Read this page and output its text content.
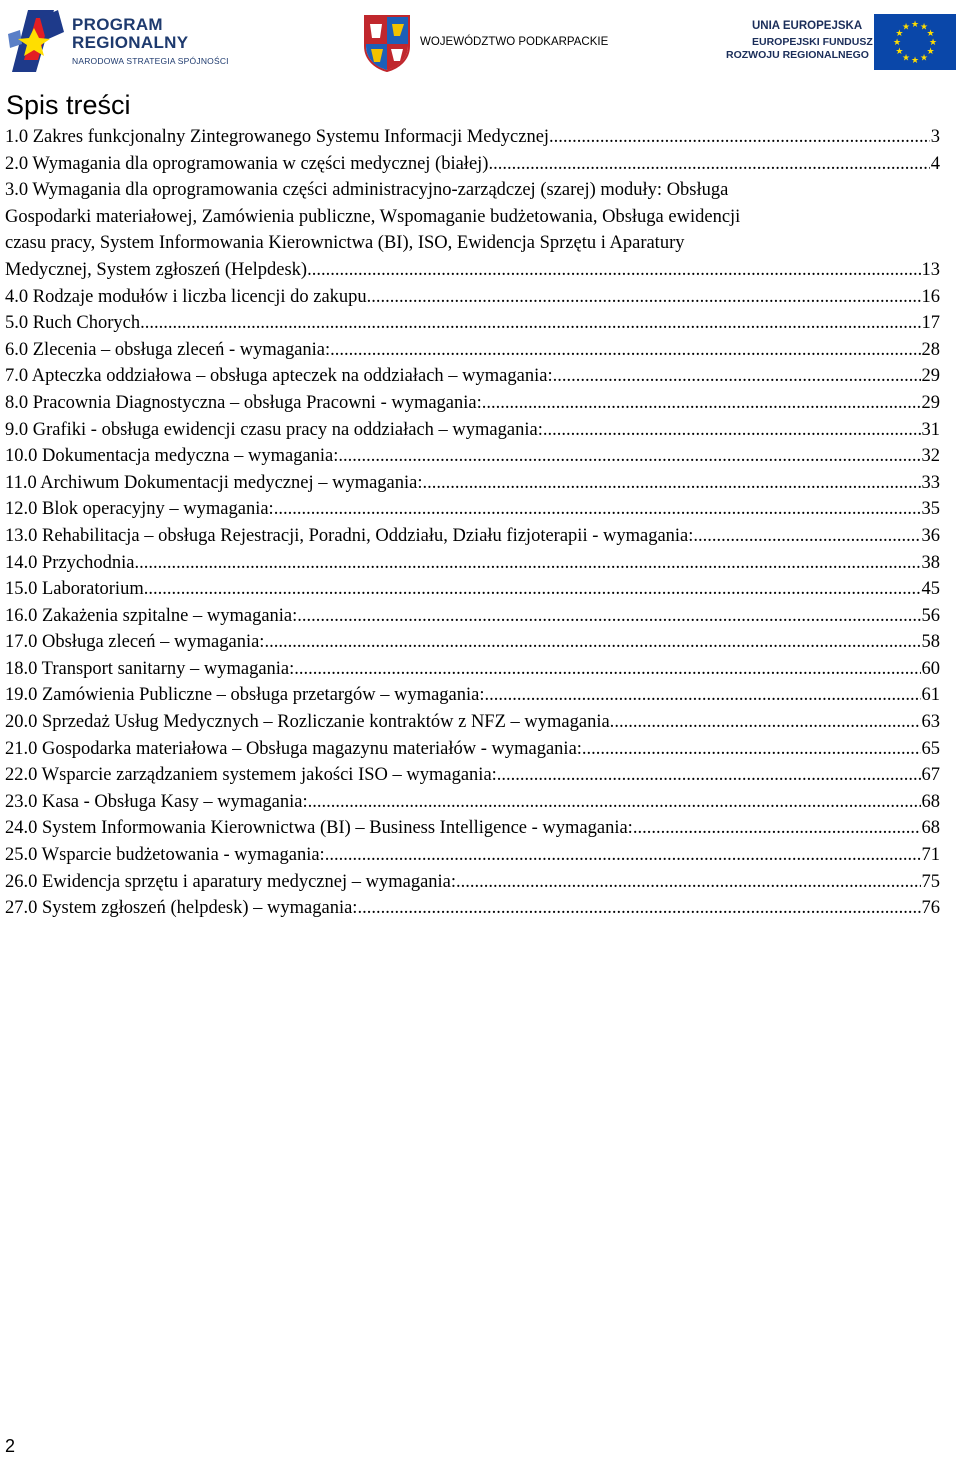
PROGRAM
REGIONALNY
NARODOWA STRATEGIA SPÓJNOŚCI
WOJEWÓDZTWO PODKARPACKIE
UNIA EUROPEJSKA
EUROPEJSKI FUNDUSZ
ROZWOJU REGIONALNEGO
★ ★
★
★
★
★
★
★
★
★
★
★
Spis treści
1.0 Zakres funkcjonalny Zintegrowanego Systemu Informacji Medycznej .....	3
2.0 Wymagania dla oprogramowania w części medycznej (białej). .....	4
3.0 Wymagania dla oprogramowania części administracyjno-zarządczej (szarej) moduły: Obsługa
Gospodarki materiałowej, Zamówienia publiczne, Wspomaganie budżetowania, Obsługa ewidencji
czasu pracy, System Informowania Kierownictwa (BI), ISO, Ewidencja Sprzętu i Aparatury
Medycznej, System zgłoszeń (Helpdesk). .....	13
4.0 Rodzaje modułów i liczba licencji do zakupu. .....	16
5.0 Ruch Chorych. .....	17
6.0 Zlecenia – obsługa zleceń - wymagania: .....	28
7.0 Apteczka oddziałowa – obsługa apteczek na oddziałach – wymagania: .....	29
8.0 Pracownia Diagnostyczna – obsługa Pracowni - wymagania: .....	29
9.0 Grafiki - obsługa ewidencji czasu pracy na oddziałach – wymagania: .....	31
10.0 Dokumentacja medyczna – wymagania: .....	32
11.0 Archiwum Dokumentacji medycznej – wymagania: .....	33
12.0 Blok operacyjny – wymagania: .....	35
13.0 Rehabilitacja – obsługa Rejestracji, Poradni, Oddziału, Działu fizjoterapii - wymagania: .....	36
14.0 Przychodnia. .....	38
15.0 Laboratorium .....	45
16.0 Zakażenia szpitalne – wymagania: .....	56
17.0 Obsługa zleceń – wymagania: .....	58
18.0 Transport sanitarny – wymagania: .....	60
19.0 Zamówienia Publiczne – obsługa przetargów – wymagania: .....	61
20.0 Sprzedaż Usług Medycznych – Rozliczanie kontraktów z NFZ – wymagania. .....	63
21.0 Gospodarka materiałowa – Obsługa magazynu materiałów - wymagania: .....	65
22.0 Wsparcie zarządzaniem systemem jakości ISO – wymagania: .....	67
23.0 Kasa - Obsługa Kasy – wymagania: .....	68
24.0 System Informowania Kierownictwa (BI) – Business Intelligence - wymagania: .....	68
25.0 Wsparcie budżetowania - wymagania: .....	71
26.0 Ewidencja sprzętu i aparatury medycznej – wymagania: .....	75
27.0 System zgłoszeń (helpdesk) – wymagania: .....	76
2
